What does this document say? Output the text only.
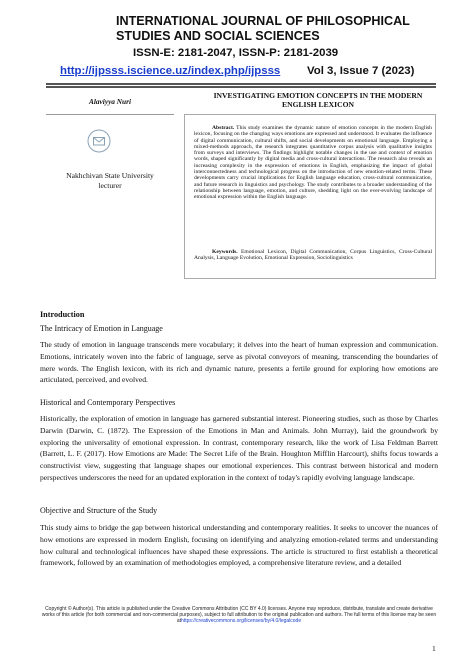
INTERNATIONAL JOURNAL OF PHILOSOPHICAL STUDIES AND SOCIAL SCIENCES
ISSN-E: 2181-2047, ISSN-P: 2181-2039
http://ijpsss.iscience.uz/index.php/ijpsss Vol 3, Issue 7 (2023)
Alaviyya Nuri
Nakhchivan State University
lecturer
INVESTIGATING EMOTION CONCEPTS IN THE MODERN ENGLISH LEXICON
Abstract. This study examines the dynamic nature of emotion concepts in the modern English lexicon, focusing on the changing ways emotions are expressed and understood. It evaluates the influence of digital communication, cultural shifts, and social developments on emotional language. Employing a mixed-methods approach, the research integrates quantitative corpus analysis with qualitative insights from surveys and interviews. The findings highlight notable changes in the use and context of emotion words, shaped significantly by digital media and cross-cultural interactions. The research also reveals an increasing complexity in the expression of emotions in English, emphasizing the impact of global interconnectedness and technological progress on the introduction of new emotion-related terms. These developments carry crucial implications for English language education, cross-cultural communication, and future research in linguistics and psychology. The study contributes to a broader understanding of the relationship between language, emotion, and culture, shedding light on the ever-evolving landscape of emotional expression within the English language.
Keywords. Emotional Lexicon, Digital Communication, Corpus Linguistics, Cross-Cultural Analysis, Language Evolution, Emotional Expression, Sociolinguistics
Introduction
The Intricacy of Emotion in Language
The study of emotion in language transcends mere vocabulary; it delves into the heart of human expression and communication. Emotions, intricately woven into the fabric of language, serve as pivotal conveyors of meaning, transcending the boundaries of mere words. The English lexicon, with its rich and dynamic nature, presents a fertile ground for exploring how emotions are articulated, perceived, and evolved.
Historical and Contemporary Perspectives
Historically, the exploration of emotion in language has garnered substantial interest. Pioneering studies, such as those by Charles Darwin (Darwin, C. (1872). The Expression of the Emotions in Man and Animals. John Murray), laid the groundwork by exploring the universality of emotional expression. In contrast, contemporary research, like the work of Lisa Feldman Barrett (Barrett, L. F. (2017). How Emotions are Made: The Secret Life of the Brain. Houghton Mifflin Harcourt), shifts focus towards a constructivist view, suggesting that language shapes our emotional experiences. This contrast between historical and modern perspectives underscores the need for an updated exploration in the context of today's rapidly evolving language landscape.
Objective and Structure of the Study
This study aims to bridge the gap between historical understanding and contemporary realities. It seeks to uncover the nuances of how emotions are expressed in modern English, focusing on identifying and analyzing emotion-related terms and understanding how cultural and technological influences have shaped these expressions. The article is structured to first establish a theoretical framework, followed by an examination of methodologies employed, a comprehensive literature review, and a detailed
Copyright © Author(s). This article is published under the Creative Commons Attribution (CC BY 4.0) licenses. Anyone may reproduce, distribute, translate and create derivative works of this article (for both commercial and non-commercial purposes), subject to full attribution to the original publication and authors. The full terms of this license may be seen athttps://creativecommons.org/licenses/by/4.0/legalcode
1
